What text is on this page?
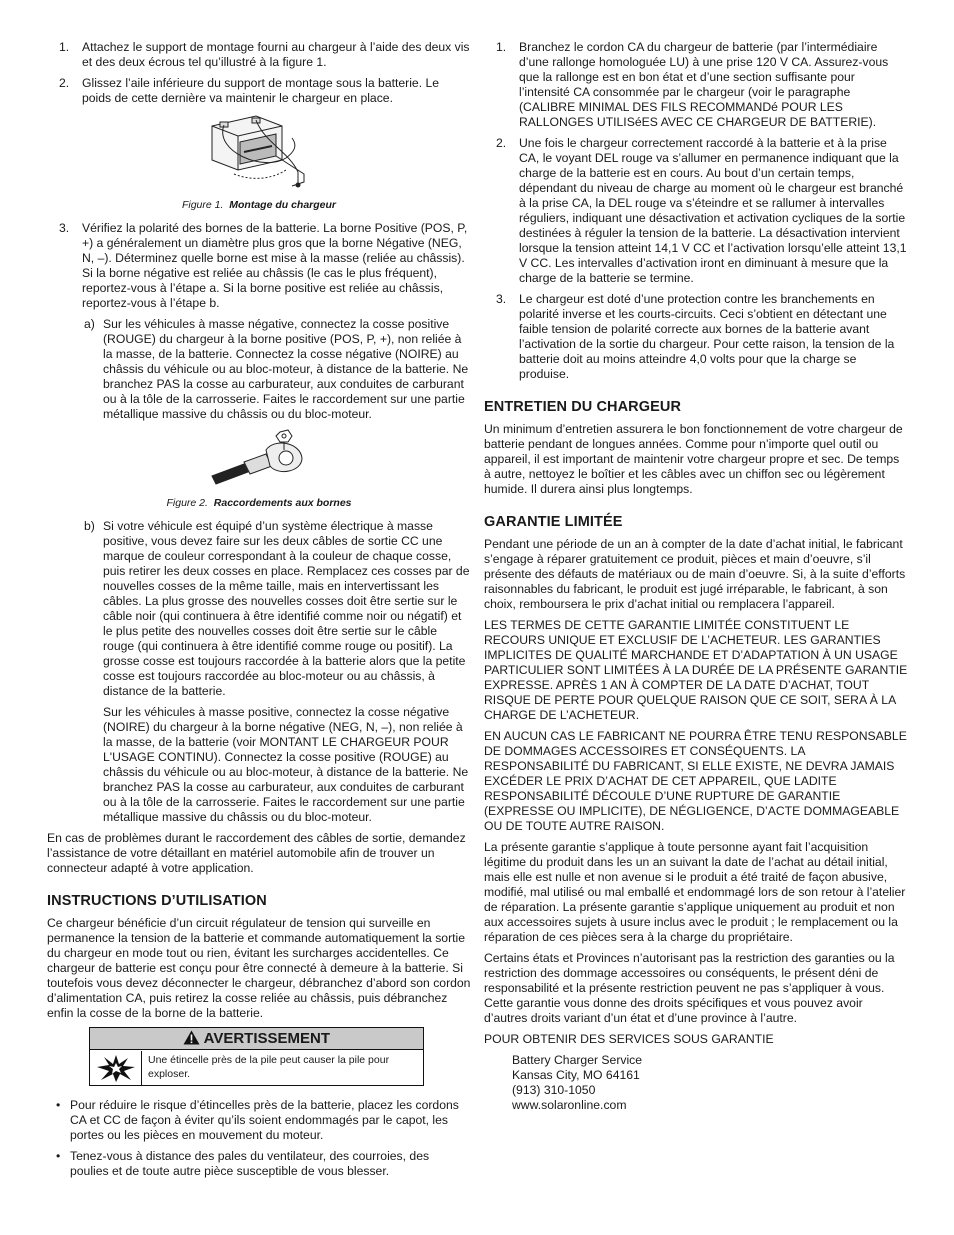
1. Attachez le support de montage fourni au chargeur à l’aide des deux vis et des deux écrous tel qu’illustré à la figure 1.
2. Glissez l’aile inférieure du support de montage sous la batterie. Le poids de cette dernière va maintenir le chargeur en place.
Figure 1. Montage du chargeur
3. Vérifiez la polarité des bornes de la batterie. La borne Positive (POS, P, +) a généralement un diamètre plus gros que la borne Négative (NEG, N, –). Déterminez quelle borne est mise à la masse (reliée au châssis). Si la borne négative est reliée au châssis (le cas le plus fréquent), reportez-vous à l’étape a. Si la borne positive est reliée au châssis, reportez-vous à l’étape b.
a) Sur les véhicules à masse négative, connectez la cosse positive (ROUGE) du chargeur à la borne positive (POS, P, +), non reliée à la masse, de la batterie. Connectez la cosse négative (NOIRE) au châssis du véhicule ou au bloc-moteur, à distance de la batterie. Ne branchez PAS la cosse au carburateur, aux conduites de carburant ou à la tôle de la carrosserie. Faites le raccordement sur une partie métallique massive du châssis ou du bloc-moteur.
Figure 2. Raccordements aux bornes
b) Si votre véhicule est équipé d’un système électrique à masse positive, vous devez faire sur les deux câbles de sortie CC une marque de couleur correspondant à la couleur de chaque cosse, puis retirer les deux cosses en place. Remplacez ces cosses par de nouvelles cosses de la même taille, mais en intervertissant les câbles. La plus grosse des nouvelles cosses doit être sertie sur le câble noir (qui continuera à être identifié comme noir ou négatif) et le plus petite des nouvelles cosses doit être sertie sur le câble rouge (qui continuera à être identifié comme rouge ou positif). La grosse cosse est toujours raccordée à la batterie alors que la petite cosse est toujours raccordée au bloc-moteur ou au châssis, à distance de la batterie.
Sur les véhicules à masse positive, connectez la cosse négative (NOIRE) du chargeur à la borne négative (NEG, N, –), non reliée à la masse, de la batterie (voir MONTANT LE CHARGEUR POUR L'USAGE CONTINU). Connectez la cosse positive (ROUGE) au châssis du véhicule ou au bloc-moteur, à distance de la batterie. Ne branchez PAS la cosse au carburateur, aux conduites de carburant ou à la tôle de la carrosserie. Faites le raccordement sur une partie métallique massive du châssis ou du bloc-moteur.

En cas de problèmes durant le raccordement des câbles de sortie, demandez l’assistance de votre détaillant en matériel automobile afin de trouver un connecteur adapté à votre application.

INSTRUCTIONS D’UTILISATION

Ce chargeur bénéficie d’un circuit régulateur de tension qui surveille en permanence la tension de la batterie et commande automatiquement la sortie du chargeur en mode tout ou rien, évitant les surcharges accidentelles. Ce chargeur de batterie est conçu pour être connecté à demeure à la batterie. Si toutefois vous devez déconnecter le chargeur, débranchez d’abord son cordon d’alimentation CA, puis retirez la cosse reliée au châssis, puis débranchez enfin la cosse de la borne de la batterie.

AVERTISSEMENT
Une étincelle près de la pile peut causer la pile pour exploser.
• Pour réduire le risque d’étincelles près de la batterie, placez les cordons CA et CC de façon à éviter qu’ils soient endommagés par le capot, les portes ou les pièces en mouvement du moteur.
• Tenez-vous à distance des pales du ventilateur, des courroies, des poulies et de toute autre pièce susceptible de vous blesser.
1. Branchez le cordon CA du chargeur de batterie (par l’intermédiaire d’une rallonge homologuée LU) à une prise 120 V CA. Assurez-vous que la rallonge est en bon état et d’une section suffisante pour l’intensité CA consommée par le chargeur (voir le paragraphe (CALIBRE MINIMAL DES FILS RECOMMANDé POUR LES RALLONGES UTILISéES AVEC CE CHARGEUR DE BATTERIE).
2. Une fois le chargeur correctement raccordé à la batterie et à la prise CA, le voyant DEL rouge va s’allumer en permanence indiquant que la charge de la batterie est en cours. Au bout d’un certain temps, dépendant du niveau de charge au moment où le chargeur est branché à la prise CA, la DEL rouge va s’éteindre et se rallumer à intervalles réguliers, indiquant une désactivation et activation cycliques de la sortie destinées à réguler la tension de la batterie. La désactivation intervient lorsque la tension atteint 14,1 V CC et l’activation lorsqu’elle atteint 13,1 V CC. Les intervalles d’activation iront en diminuant à mesure que la charge de la batterie se termine.
3. Le chargeur est doté d’une protection contre les branchements en polarité inverse et les courts-circuits. Ceci s’obtient en détectant une faible tension de polarité correcte aux bornes de la batterie avant l’activation de la sortie du chargeur. Pour cette raison, la tension de la batterie doit au moins atteindre 4,0 volts pour que la charge se produise.
ENTRETIEN DU CHARGEUR

Un minimum d’entretien assurera le bon fonctionnement de votre chargeur de batterie pendant de longues années. Comme pour n’importe quel outil ou appareil, il est important de maintenir votre chargeur propre et sec. De temps à autre, nettoyez le boîtier et les câbles avec un chiffon sec ou légèrement humide. Il durera ainsi plus longtemps.

GARANTIE LIMITÉE

Pendant une période de un an à compter de la date d’achat initial, le fabricant s’engage à réparer gratuitement ce produit, pièces et main d’oeuvre, s’il présente des défauts de matériaux ou de main d’oeuvre. Si, à la suite d’efforts raisonnables du fabricant, le produit est jugé irréparable, le fabricant, à son choix, remboursera le prix d’achat initial ou remplacera l’appareil.

LES TERMES DE CETTE GARANTIE LIMITÉE CONSTITUENT LE RECOURS UNIQUE ET EXCLUSIF DE L’ACHETEUR. LES GARANTIES IMPLICITES DE QUALITÉ MARCHANDE ET D’ADAPTATION À UN USAGE PARTICULIER SONT LIMITÉES À LA DURÉE DE LA PRÉSENTE GARANTIE EXPRESSE. APRÈS 1 AN À COMPTER DE LA DATE D’ACHAT, TOUT RISQUE DE PERTE POUR QUELQUE RAISON QUE CE SOIT, SERA À LA CHARGE DE L’ACHETEUR.

EN AUCUN CAS LE FABRICANT NE POURRA ÊTRE TENU RESPONSABLE DE DOMMAGES ACCESSOIRES ET CONSÉQUENTS. LA RESPONSABILITÉ DU FABRICANT, SI ELLE EXISTE, NE DEVRA JAMAIS EXCÉDER LE PRIX D’ACHAT DE CET APPAREIL, QUE LADITE RESPONSABILITÉ DÉCOULE D’UNE RUPTURE DE GARANTIE (EXPRESSE OU IMPLICITE), DE NÉGLIGENCE, D’ACTE DOMMAGEABLE OU DE TOUTE AUTRE RAISON.

La présente garantie s’applique à toute personne ayant fait l’acquisition légitime du produit dans les un an suivant la date de l’achat au détail initial, mais elle est nulle et non avenue si le produit a été traité de façon abusive, modifié, mal utilisé ou mal emballé et endommagé lors de son retour à l’atelier de réparation. La présente garantie s’applique uniquement au produit et non aux accessoires sujets à usure inclus avec le produit ; le remplacement ou la réparation de ces pièces sera à la charge du propriétaire.

Certains états et Provinces n’autorisant pas la restriction des garanties ou la restriction des dommage accessoires ou conséquents, le présent déni de responsabilité et la présente restriction peuvent ne pas s’appliquer à vous. Cette garantie vous donne des droits spécifiques et vous pouvez avoir d’autres droits variant d’un état et d’une province à l’autre.

POUR OBTENIR DES SERVICES SOUS GARANTIE

Battery Charger Service
Kansas City, MO 64161
(913) 310-1050
www.solaronline.com
